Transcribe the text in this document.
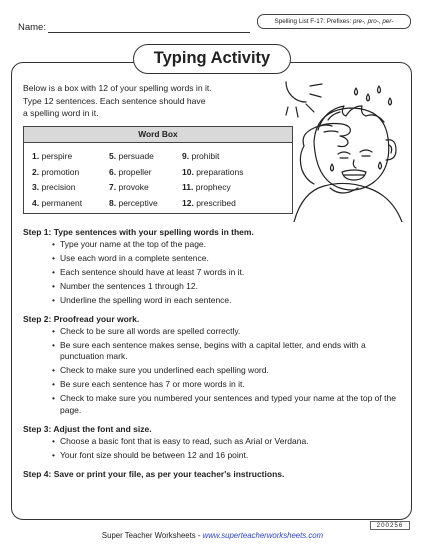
Name:
Spelling List F-17: Prefixes: pre-, pro-, per-
Typing Activity

Below is a box with 12 of your spelling words in it.

Type 12 sentences. Each sentence should have

a spelling word in it.

Word Box
1. perspire	5. persuade	9. prohibit
2. promotion	6. propeller	10. preparations
3. precision	7. provoke	11. prophecy
4. permanent	8. perceptive	12. prescribed
Step 1: Type sentences with your spelling words in them.
• Type your name at the top of the page.
• Use each word in a complete sentence.
• Each sentence should have at least 7 words in it.
• Number the sentences 1 through 12.
• Underline the spelling word in each sentence.
Step 2: Proofread your work.
• Check to be sure all words are spelled correctly.
• Be sure each sentence makes sense, begins with a capital letter, and ends with a punctuation mark.
• Check to make sure you underlined each spelling word.
• Be sure each sentence has 7 or more words in it.
• Check to make sure you numbered your sentences and typed your name at the top of the page.
Step 3: Adjust the font and size.
• Choose a basic font that is easy to read, such as Arial or Verdana.
• Your font size should be between 12 and 16 point.
Step 4: Save or print your file, as per your teacher's instructions.
Super Teacher Worksheets - www.superteacherworksheets.com
200256
